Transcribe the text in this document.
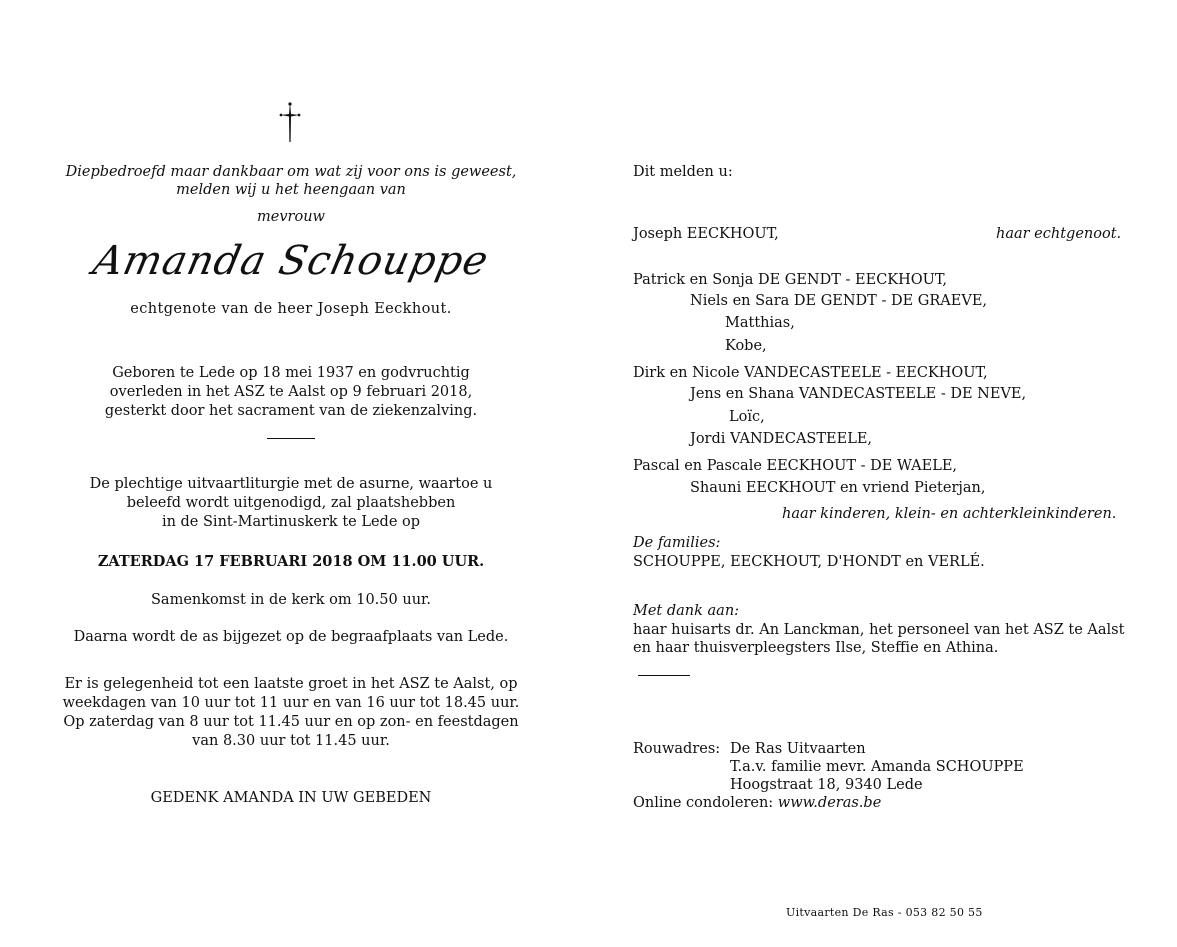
Diepbedroefd maar dankbaar om wat zij voor ons is geweest,
melden wij u het heengaan van
mevrouw
Amanda Schouppe
echtgenote van de heer Joseph Eeckhout.
Geboren te Lede op 18 mei 1937 en godvruchtig
overleden in het ASZ te Aalst op 9 februari 2018,
gesterkt door het sacrament van de ziekenzalving.
De plechtige uitvaartliturgie met de asurne, waartoe u
beleefd wordt uitgenodigd, zal plaatshebben
in de Sint-Martinuskerk te Lede op
ZATERDAG 17 FEBRUARI 2018 OM 11.00 UUR.
Samenkomst in de kerk om 10.50 uur.
Daarna wordt de as bijgezet op de begraafplaats van Lede.
Er is gelegenheid tot een laatste groet in het ASZ te Aalst, op
weekdagen van 10 uur tot 11 uur en van 16 uur tot 18.45 uur.
Op zaterdag van 8 uur tot 11.45 uur en op zon- en feestdagen
van 8.30 uur tot 11.45 uur.
GEDENK AMANDA IN UW GEBEDEN
Dit melden u:
Joseph EECKHOUT,	haar echtgenoot.
Patrick en Sonja DE GENDT - EECKHOUT,
Niels en Sara DE GENDT - DE GRAEVE,
Matthias,
Kobe,
Dirk en Nicole VANDECASTEELE - EECKHOUT,
Jens en Shana VANDECASTEELE - DE NEVE,
Loïc,
Jordi VANDECASTEELE,
Pascal en Pascale EECKHOUT - DE WAELE,
Shauni EECKHOUT en vriend Pieterjan,
haar kinderen, klein- en achterkleinkinderen.
De families:
SCHOUPPE, EECKHOUT, D'HONDT en VERLÉ.
Met dank aan:
haar huisarts dr. An Lanckman, het personeel van het ASZ te Aalst
en haar thuisverpleegsters Ilse, Steffie en Athina.
Rouwadres: De Ras Uitvaarten
T.a.v. familie mevr. Amanda SCHOUPPE
Hoogstraat 18, 9340 Lede
Online condoleren: www.deras.be
Uitvaarten De Ras - 053 82 50 55
